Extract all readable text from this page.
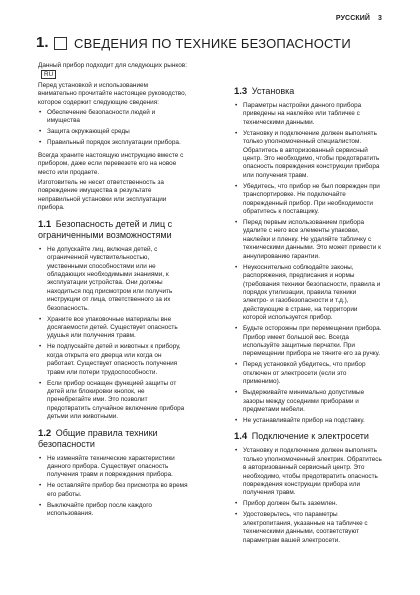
РУССКИЙ 3
1. СВЕДЕНИЯ ПО ТЕХНИКЕ БЕЗОПАСНОСТИ

Данный прибор подходит для следующих рынков:RU

Перед установкой и использованием внимательно прочитайте настоящее руководство, которое содержит следующие сведения:

• Обеспечение безопасности людей и имущества
• Защита окружающей среды
• Правильный порядок эксплуатации прибора.

Всегда храните настоящую инструкцию вместе с прибором, даже если перевезете его на новое место или продаете.

Изготовитель не несет ответственность за повреждение имущества в результате неправильной установки или эксплуатации прибора.

1.1 Безопасность детей и лиц с ограниченными возможностями
• Не допускайте лиц, включая детей, с ограниченной чувствительностью, умственными способностями или не обладающих необходимыми знаниями, к эксплуатации устройства. Они должны находиться под присмотром или получить инструкции от лица, ответственного за их безопасность.
• Храните все упаковочные материалы вне досягаемости детей. Существует опасность удушья или получения травм.
• Не подпускайте детей и животных к прибору, когда открыта его дверца или когда он работает. Существует опасность получения травм или потери трудоспособности.
• Если прибор оснащен функцией защиты от детей или блокировки кнопок, не пренебрегайте ими. Это позволит предотвратить случайное включение прибора детьми или животными.
1.2 Общие правила техники безопасности
• Не изменяйте технические характеристики данного прибора. Существует опасность получения травм и повреждения прибора.
• Не оставляйте прибор без присмотра во время его работы.
• Выключайте прибор после каждого использования.
1.3 Установка
• Параметры настройки данного прибора приведены на наклейке или табличке с техническими данными.
• Установку и подключение должен выполнять только уполномоченный специалистом. Обратитесь в авторизованный сервисный центр. Это необходимо, чтобы предотвратить опасность повреждения конструкции прибора или получения травм.
• Убедитесь, что прибор не был поврежден при транспортировке. Не подключайте поврежденный прибор. При необходимости обратитесь к поставщику.
• Перед первым использованием прибора удалите с него все элементы упаковки, наклейки и пленку. Не удаляйте табличку с техническими данными. Это может привести к аннулированию гарантии.
• Неукоснительно соблюдайте законы, распоряжения, предписания и нормы (требования техники безопасности, правила и порядок утилизации, правила техники электро- и газобезопасности и т.д.), действующие в стране, на территории которой используется прибор.
• Будьте осторожны при перемещении прибора. Прибор имеет большой вес. Всегда используйте защитные перчатки. При перемещении прибора не тяните его за ручку.
• Перед установкой убедитесь, что прибор отключен от электросети (если это применимо).
• Выдерживайте минимально допустимые зазоры между соседними приборами и предметами мебели.
• Не устанавливайте прибор на подставку.
1.4 Подключение к электросети
• Установку и подключение должен выполнять только уполномоченный электрик. Обратитесь в авторизованный сервисный центр. Это необходимо, чтобы предотвратить опасность повреждения конструкции прибора или получения травм.
• Прибор должен быть заземлен.
• Удостоверьтесь, что параметры электропитания, указанные на табличке с техническими данными, соответствуют параметрам вашей электросети.
